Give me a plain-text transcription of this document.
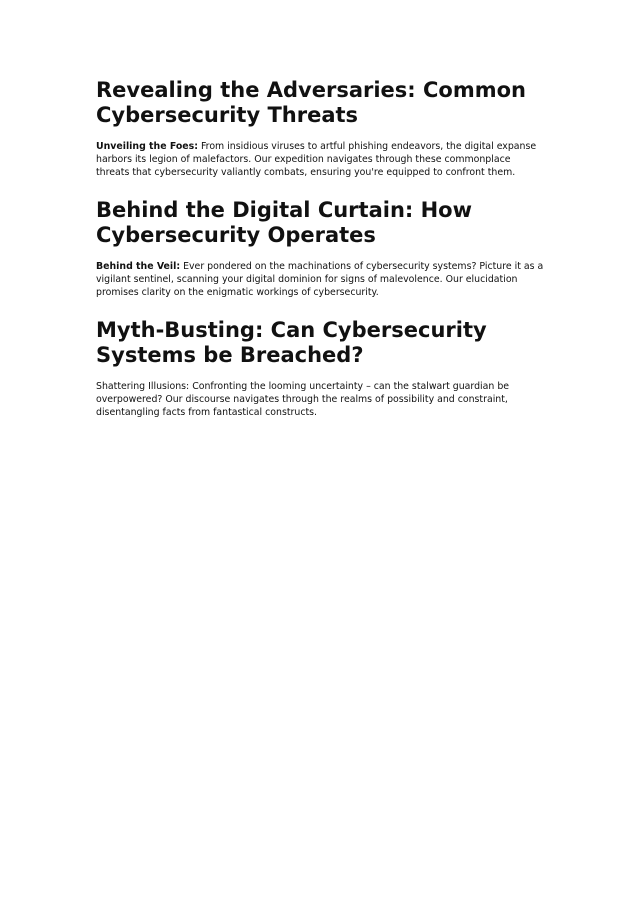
Revealing the Adversaries: Common Cybersecurity Threats

Unveiling the Foes: From insidious viruses to artful phishing endeavors, the digital expanse harbors its legion of malefactors. Our expedition navigates through these commonplace threats that cybersecurity valiantly combats, ensuring you're equipped to confront them.

Behind the Digital Curtain: How Cybersecurity Operates

Behind the Veil: Ever pondered on the machinations of cybersecurity systems? Picture it as a vigilant sentinel, scanning your digital dominion for signs of malevolence. Our elucidation promises clarity on the enigmatic workings of cybersecurity.

Myth-Busting: Can Cybersecurity Systems be Breached?

Shattering Illusions: Confronting the looming uncertainty – can the stalwart guardian be overpowered? Our discourse navigates through the realms of possibility and constraint, disentangling facts from fantastical constructs.
